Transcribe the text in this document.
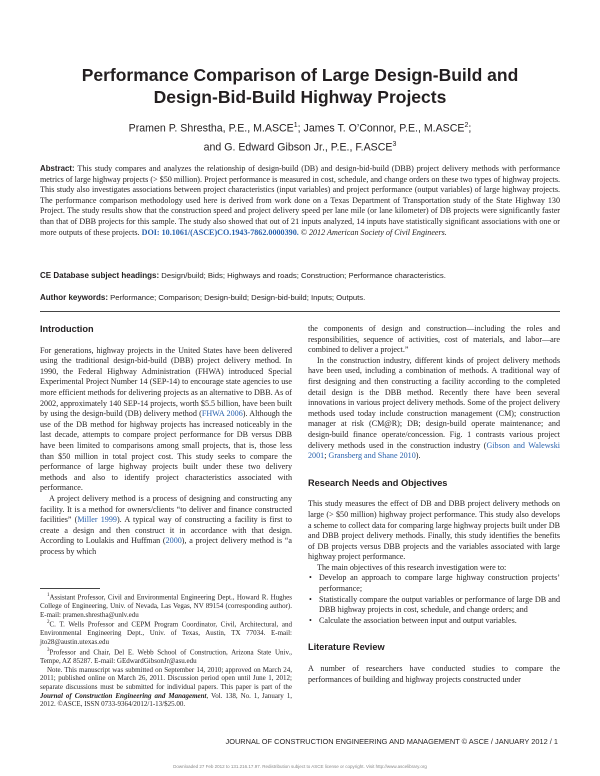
Performance Comparison of Large Design-Build and
Design-Bid-Build Highway Projects
Pramen P. Shrestha, P.E., M.ASCE$^1$; James T. O’Connor, P.E., M.ASCE$^2$;
and G. Edward Gibson Jr., P.E., F.ASCE$^3$
Abstract: This study compares and analyzes the relationship of design-build (DB) and design-bid-build (DBB) project delivery methods with performance metrics of large highway projects (> $50 million). Project performance is measured in cost, schedule, and change orders on these two types of highway projects. This study also investigates associations between project characteristics (input variables) and project performance (output variables) of large highway projects. The performance comparison methodology used here is derived from work done on a Texas Department of Transportation study of the State Highway 130 Project. The study results show that the construction speed and project delivery speed per lane mile (or lane kilometer) of DB projects were significantly faster than that of DBB projects for this sample. The study also showed that out of 21 inputs analyzed, 14 inputs have statistically significant associations with one or more outputs of these projects. DOI: 10.1061/(ASCE)CO.1943-7862.0000390. © 2012 American Society of Civil Engineers.
CE Database subject headings: Design/build; Bids; Highways and roads; Construction; Performance characteristics.
Author keywords: Performance; Comparison; Design-build; Design-bid-build; Inputs; Outputs.
Introduction

For generations, highway projects in the United States have been delivered using the traditional design-bid-build (DBB) project delivery method. In 1990, the Federal Highway Administration (FHWA) introduced Special Experimental Project Number 14 (SEP-14) to encourage state agencies to use more efficient methods for delivering projects as an alternative to DBB. As of 2002, approximately 140 SEP-14 projects, worth $5.5 billion, have been built by using the design-build (DB) delivery method (FHWA 2006). Although the use of the DB method for highway projects has increased noticeably in the last decade, attempts to compare project performance for DB versus DBB have been limited to comparisons among small projects, that is, those less than $50 million in total project cost. This study seeks to compare the performance of large highway projects built under these two delivery methods and also to identify project characteristics associated with performance.

A project delivery method is a process of designing and constructing any facility. It is a method for owners/clients “to deliver and finance constructed facilities” (Miller 1999). A typical way of constructing a facility is first to create a design and then construct it in accordance with that design. According to Loulakis and Huffman (2000), a project delivery method is “a process by which

$^1$Assistant Professor, Civil and Environmental Engineering Dept., Howard R. Hughes College of Engineering, Univ. of Nevada, Las Vegas, NV 89154 (corresponding author). E-mail: pramen.shrestha@unlv.edu

$^2$C. T. Wells Professor and CEPM Program Coordinator, Civil, Architectural, and Environmental Engineering Dept., Univ. of Texas, Austin, TX 77034. E-mail: jto28@austin.utexas.edu

$^3$Professor and Chair, Del E. Webb School of Construction, Arizona State Univ., Tempe, AZ 85287. E-mail: GEdwardGibsonJr@asu.edu

Note. This manuscript was submitted on September 14, 2010; approved on March 24, 2011; published online on March 26, 2011. Discussion period open until June 1, 2012; separate discussions must be submitted for individual papers. This paper is part of the Journal of Construction Engineering and Management, Vol. 138, No. 1, January 1, 2012. ©ASCE, ISSN 0733-9364/2012/1-13/$25.00.

the components of design and construction—including the roles and responsibilities, sequence of activities, cost of materials, and labor—are combined to deliver a project.”

In the construction industry, different kinds of project delivery methods have been used, including a combination of methods. A traditional way of first designing and then constructing a facility according to the completed detail design is the DBB method. Recently there have been several innovations in various project delivery methods. Some of the project delivery methods used today include construction management (CM); construction manager at risk (CM@R); DB; design-build operate maintenance; and design-build finance operate/concession. Fig. 1 contrasts various project delivery methods used in the construction industry (Gibson and Walewski 2001; Gransberg and Shane 2010).

Research Needs and Objectives

This study measures the effect of DB and DBB project delivery methods on large (> $50 million) highway project performance. This study also develops a scheme to collect data for comparing large highway projects built under DB and DBB project delivery methods. Finally, this study identifies the benefits of DB projects versus DBB projects and the variables associated with large highway project performance.

The main objectives of this research investigation were to:

• Develop an approach to compare large highway construction projects’ performance;
• Statistically compare the output variables or performance of large DB and DBB highway projects in cost, schedule, and change orders; and
• Calculate the association between input and output variables.
Literature Review

A number of researchers have conducted studies to compare the performances of building and highway projects constructed under

JOURNAL OF CONSTRUCTION ENGINEERING AND MANAGEMENT © ASCE / JANUARY 2012 / 1
Downloaded 27 Feb 2012 to 131.216.17.97. Redistribution subject to ASCE license or copyright. Visit http://www.ascelibrary.org
